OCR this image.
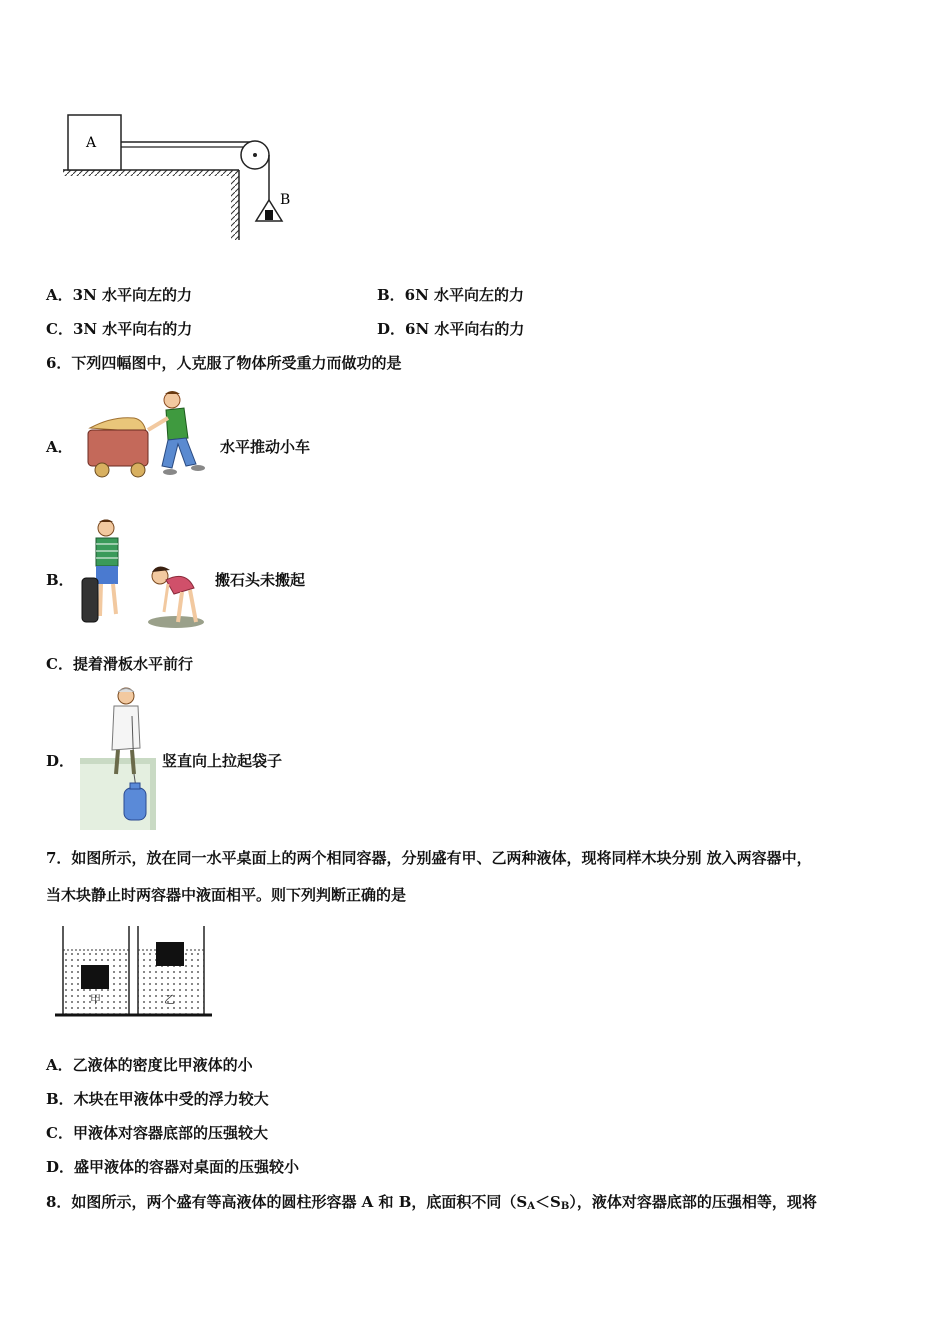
A
B
A．3N 水平向左的力	B．6N 水平向左的力
C．3N 水平向右的力	D．6N 水平向右的力
6．下列四幅图中，人克服了物体所受重力而做功的是
A．	水平推动小车
B．	搬石头未搬起
C．提着滑板水平前行
D．	竖直向上拉起袋子
7．如图所示，放在同一水平桌面上的两个相同容器，分别盛有甲、乙两种液体，现将同样木块分别 放入两容器中，
当木块静止时两容器中液面相平。则下列判断正确的是
甲	乙
A．乙液体的密度比甲液体的小
B．木块在甲液体中受的浮力较大
C．甲液体对容器底部的压强较大
D．盛甲液体的容器对桌面的压强较小
8．如图所示，两个盛有等高液体的圆柱形容器 A 和 B，底面积不同$(S_A<S_B)$，液体对容器底部的压强相等，现将
